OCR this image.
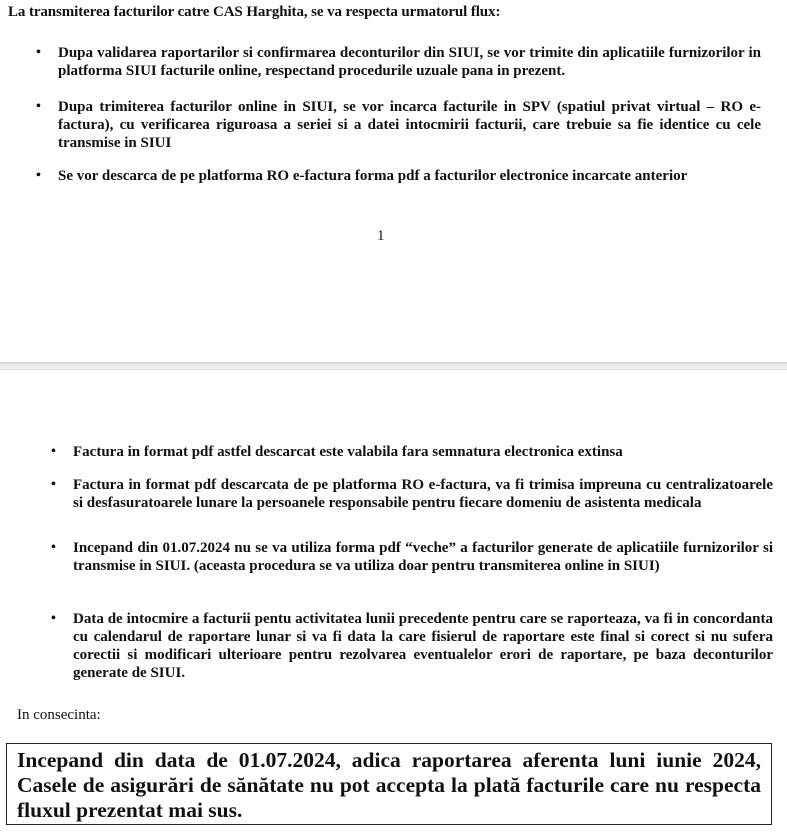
La transmiterea facturilor catre CAS Harghita, se va respecta urmatorul flux:
• Dupa validarea raportarilor si confirmarea deconturilor din SIUI, se vor trimite din aplicatiile furnizorilor in platforma SIUI facturile online, respectand procedurile uzuale pana in prezent.
• Dupa trimiterea facturilor online in SIUI, se vor incarca facturile in SPV (spatiul privat virtual – RO e-factura), cu verificarea riguroasa a seriei si a datei intocmirii facturii, care trebuie sa fie identice cu cele transmise in SIUI
• Se vor descarca de pe platforma RO e-factura forma pdf a facturilor electronice incarcate anterior
1
• Factura in format pdf astfel descarcat este valabila fara semnatura electronica extinsa
• Factura in format pdf descarcata de pe platforma RO e-factura, va fi trimisa impreuna cu centralizatoarele si desfasuratoarele lunare la persoanele responsabile pentru fiecare domeniu de asistenta medicala
• Incepand din 01.07.2024 nu se va utiliza forma pdf “veche” a facturilor generate de aplicatiile furnizorilor si transmise in SIUI. (aceasta procedura se va utiliza doar pentru transmiterea online in SIUI)
• Data de intocmire a facturii pentu activitatea lunii precedente pentru care se raporteaza, va fi in concordanta cu calendarul de raportare lunar si va fi data la care fisierul de raportare este final si corect si nu sufera corectii si modificari ulterioare pentru rezolvarea eventualelor erori de raportare, pe baza deconturilor generate de SIUI.
In consecinta:
Incepand din data de 01.07.2024, adica raportarea aferenta luni iunie 2024, Casele de asigurări de sănătate nu pot accepta la plată facturile care nu respecta fluxul prezentat mai sus.
